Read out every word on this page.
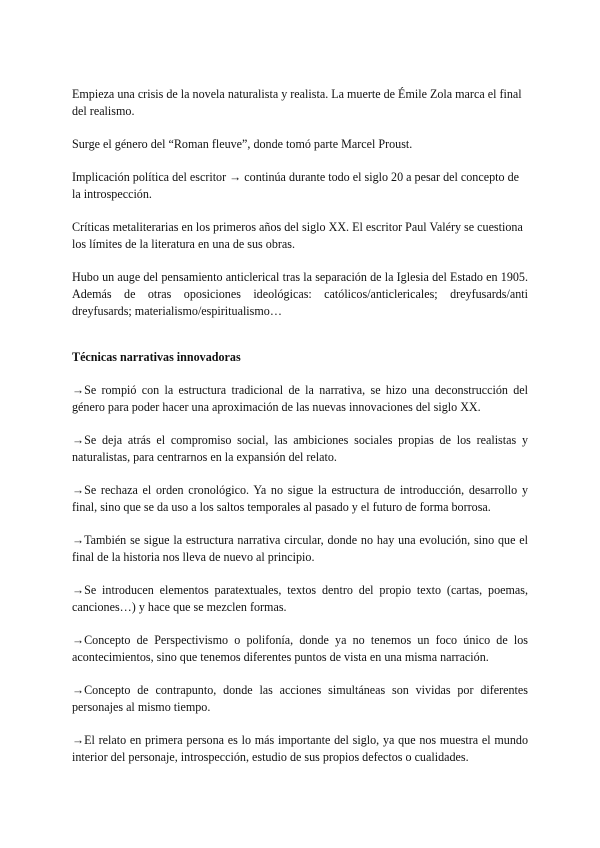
Empieza una crisis de la novela naturalista y realista. La muerte de Émile Zola marca el final del realismo.

Surge el género del “Roman fleuve”, donde tomó parte Marcel Proust.

Implicación política del escritor → continúa durante todo el siglo 20 a pesar del concepto de la introspección.

Críticas metaliterarias en los primeros años del siglo XX. El escritor Paul Valéry se cuestiona los límites de la literatura en una de sus obras.

Hubo un auge del pensamiento anticlerical tras la separación de la Iglesia del Estado en 1905. Además de otras oposiciones ideológicas: católicos/anticlericales; dreyfusards/anti dreyfusards; materialismo/espiritualismo…

Técnicas narrativas innovadoras

→Se rompió con la estructura tradicional de la narrativa, se hizo una deconstrucción del género para poder hacer una aproximación de las nuevas innovaciones del siglo XX.

→Se deja atrás el compromiso social, las ambiciones sociales propias de los realistas y naturalistas, para centrarnos en la expansión del relato.

→Se rechaza el orden cronológico. Ya no sigue la estructura de introducción, desarrollo y final, sino que se da uso a los saltos temporales al pasado y el futuro de forma borrosa.

→También se sigue la estructura narrativa circular, donde no hay una evolución, sino que el final de la historia nos lleva de nuevo al principio.

→Se introducen elementos paratextuales, textos dentro del propio texto (cartas, poemas, canciones…) y hace que se mezclen formas.

→Concepto de Perspectivismo o polifonía, donde ya no tenemos un foco único de los acontecimientos, sino que tenemos diferentes puntos de vista en una misma narración.

→Concepto de contrapunto, donde las acciones simultáneas son vividas por diferentes personajes al mismo tiempo.

→El relato en primera persona es lo más importante del siglo, ya que nos muestra el mundo interior del personaje, introspección, estudio de sus propios defectos o cualidades.
